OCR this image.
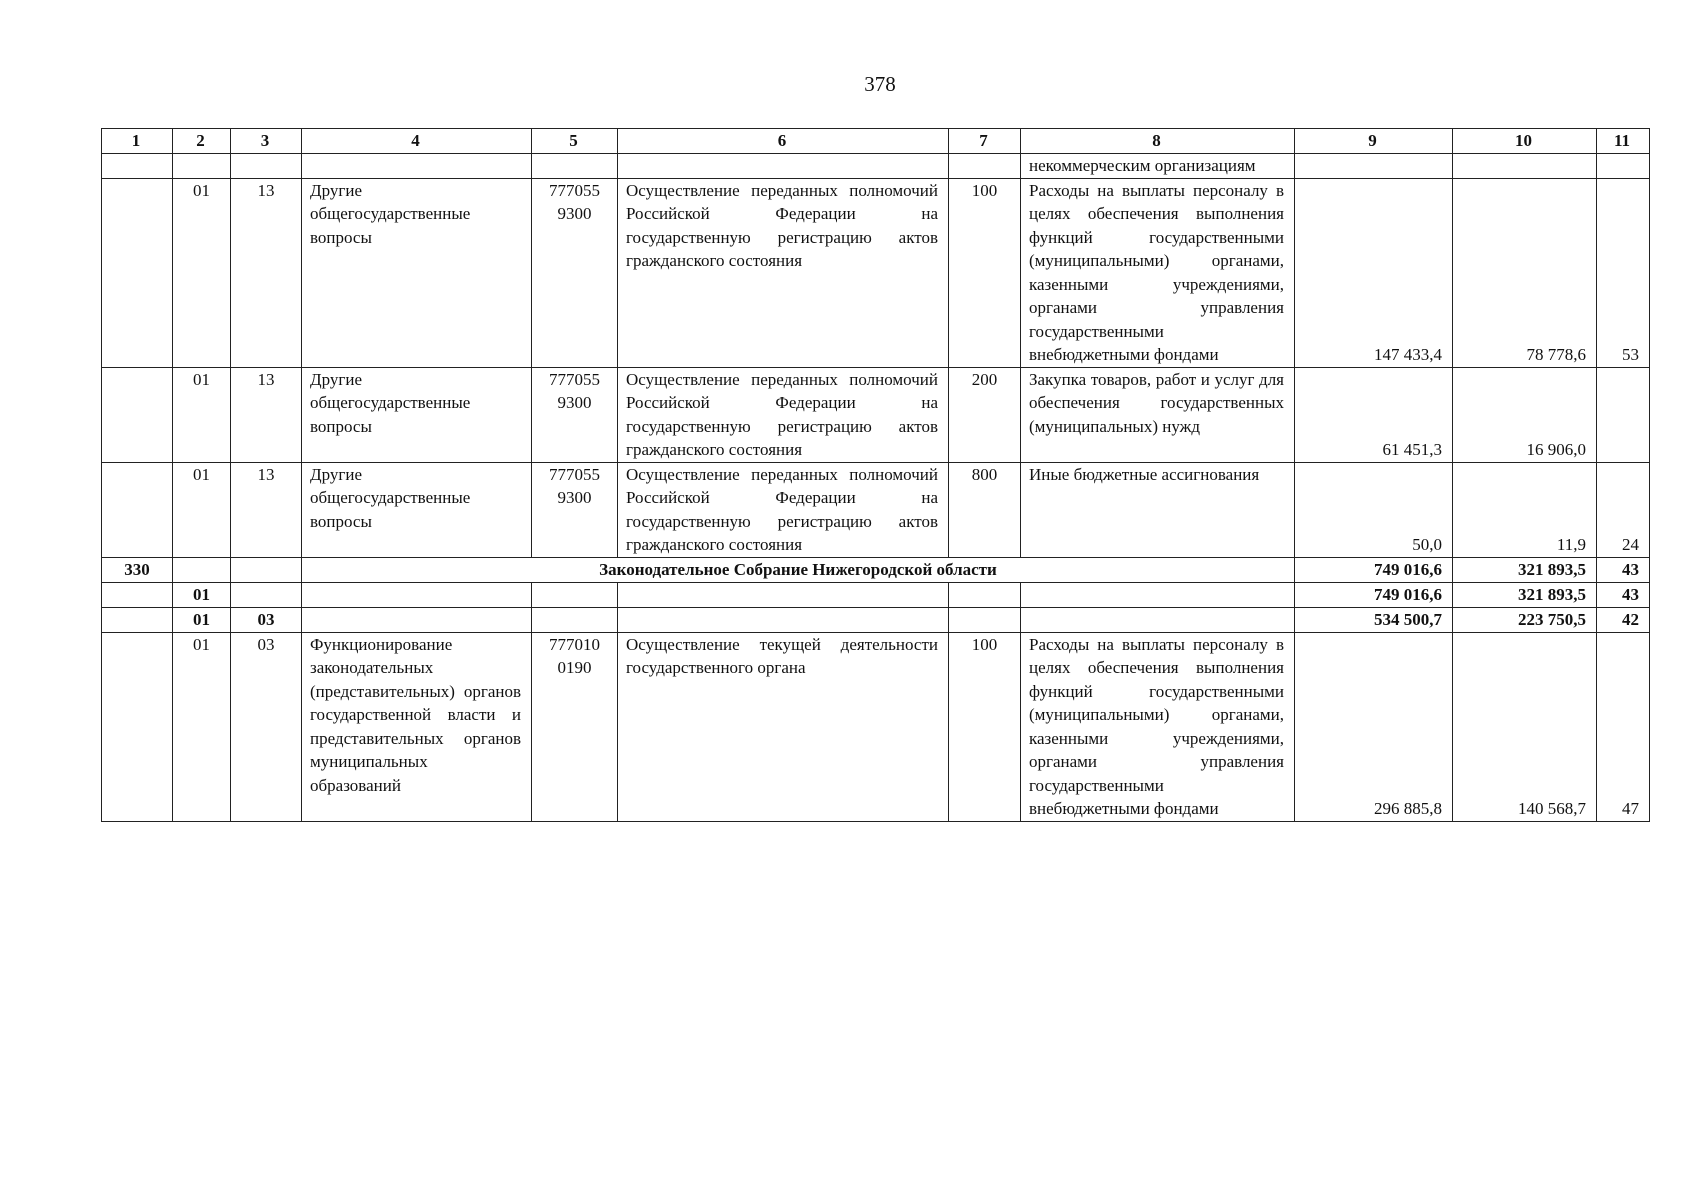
378
1	2	3	4	5	6	7	8	9	10	11
							некоммерческим организациям			
	01	13	Другие общегосударственные вопросы	777055 9300	Осуществление переданных полномочий Российской Федерации на государственную регистрацию актов гражданского состояния	100	Расходы на выплаты персоналу в целях обеспечения выполнения функций государственными (муниципальными) органами, казенными учреждениями, органами управления государственными внебюджетными фондами	147 433,4	78 778,6	53
	01	13	Другие общегосударственные вопросы	777055 9300	Осуществление переданных полномочий Российской Федерации на государственную регистрацию актов гражданского состояния	200	Закупка товаров, работ и услуг для обеспечения государственных (муниципальных) нужд	61 451,3	16 906,0	
	01	13	Другие общегосударственные вопросы	777055 9300	Осуществление переданных полномочий Российской Федерации на государственную регистрацию актов гражданского состояния	800	Иные бюджетные ассигнования	50,0	11,9	24
330			Законодательное Собрание Нижегородской области					749 016,6	321 893,5	43
	01							749 016,6	321 893,5	43
	01	03						534 500,7	223 750,5	42
	01	03	Функционирование законодательных (представительных) органов государственной власти и представительных органов муниципальных образований	777010 0190	Осуществление текущей деятельности государственного органа	100	Расходы на выплаты персоналу в целях обеспечения выполнения функций государственными (муниципальными) органами, казенными учреждениями, органами управления государственными внебюджетными фондами	296 885,8	140 568,7	47
